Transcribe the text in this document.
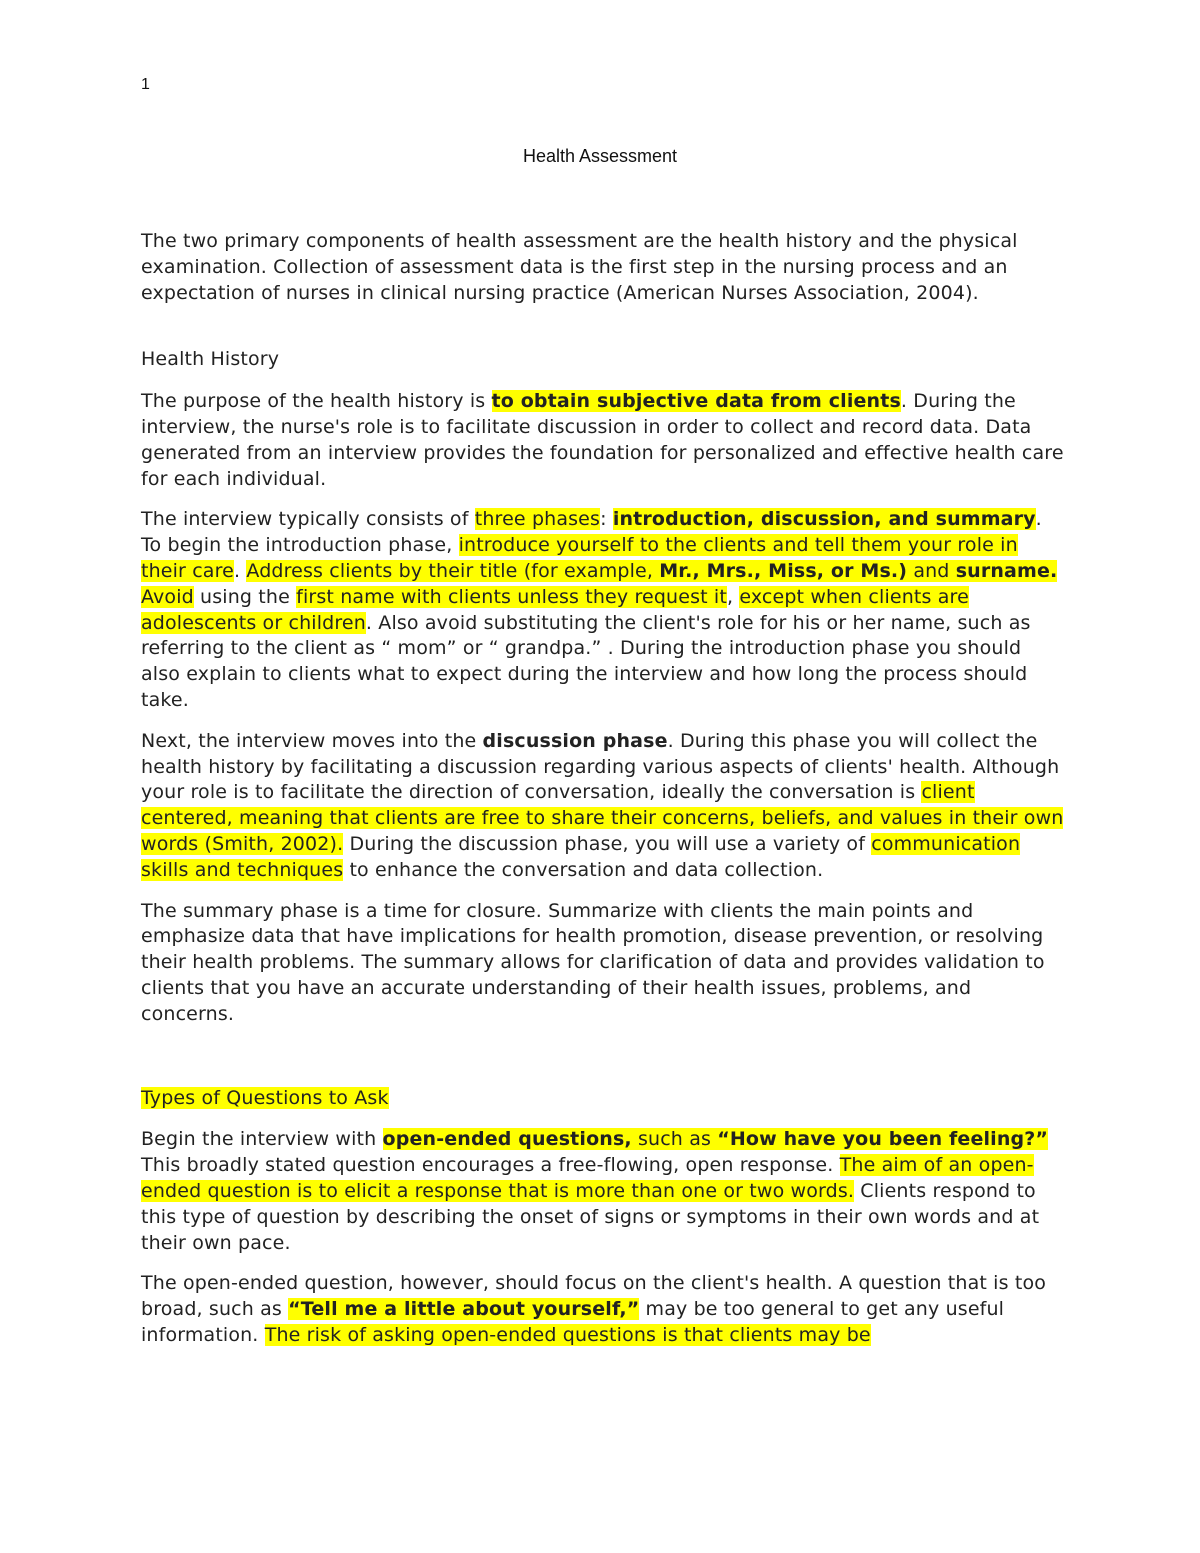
1
Health Assessment

The two primary components of health assessment are the health history and the physical examination. Collection of assessment data is the first step in the nursing process and an expectation of nurses in clinical nursing practice (American Nurses Association, 2004).

Health History

The purpose of the health history is to obtain subjective data from clients. During the interview, the nurse's role is to facilitate discussion in order to collect and record data. Data generated from an interview provides the foundation for personalized and effective health care for each individual.

The interview typically consists of three phases: introduction, discussion, and summary. To begin the introduction phase, introduce yourself to the clients and tell them your role in their care. Address clients by their title (for example, Mr., Mrs., Miss, or Ms.) and surname. Avoid using the first name with clients unless they request it, except when clients are adolescents or children. Also avoid substituting the client's role for his or her name, such as referring to the client as “ mom” or “ grandpa.” . During the introduction phase you should also explain to clients what to expect during the interview and how long the process should take.

Next, the interview moves into the discussion phase. During this phase you will collect the health history by facilitating a discussion regarding various aspects of clients' health. Although your role is to facilitate the direction of conversation, ideally the conversation is client centered, meaning that clients are free to share their concerns, beliefs, and values in their own words (Smith, 2002). During the discussion phase, you will use a variety of communication skills and techniques to enhance the conversation and data collection.

The summary phase is a time for closure. Summarize with clients the main points and emphasize data that have implications for health promotion, disease prevention, or resolving their health problems. The summary allows for clarification of data and provides validation to clients that you have an accurate understanding of their health issues, problems, and concerns.

Types of Questions to Ask

Begin the interview with open-ended questions, such as “How have you been feeling?” This broadly stated question encourages a free-flowing, open response. The aim of an open-ended question is to elicit a response that is more than one or two words. Clients respond to this type of question by describing the onset of signs or symptoms in their own words and at their own pace.

The open-ended question, however, should focus on the client's health. A question that is too broad, such as “Tell me a little about yourself,” may be too general to get any useful information. The risk of asking open-ended questions is that clients may be
